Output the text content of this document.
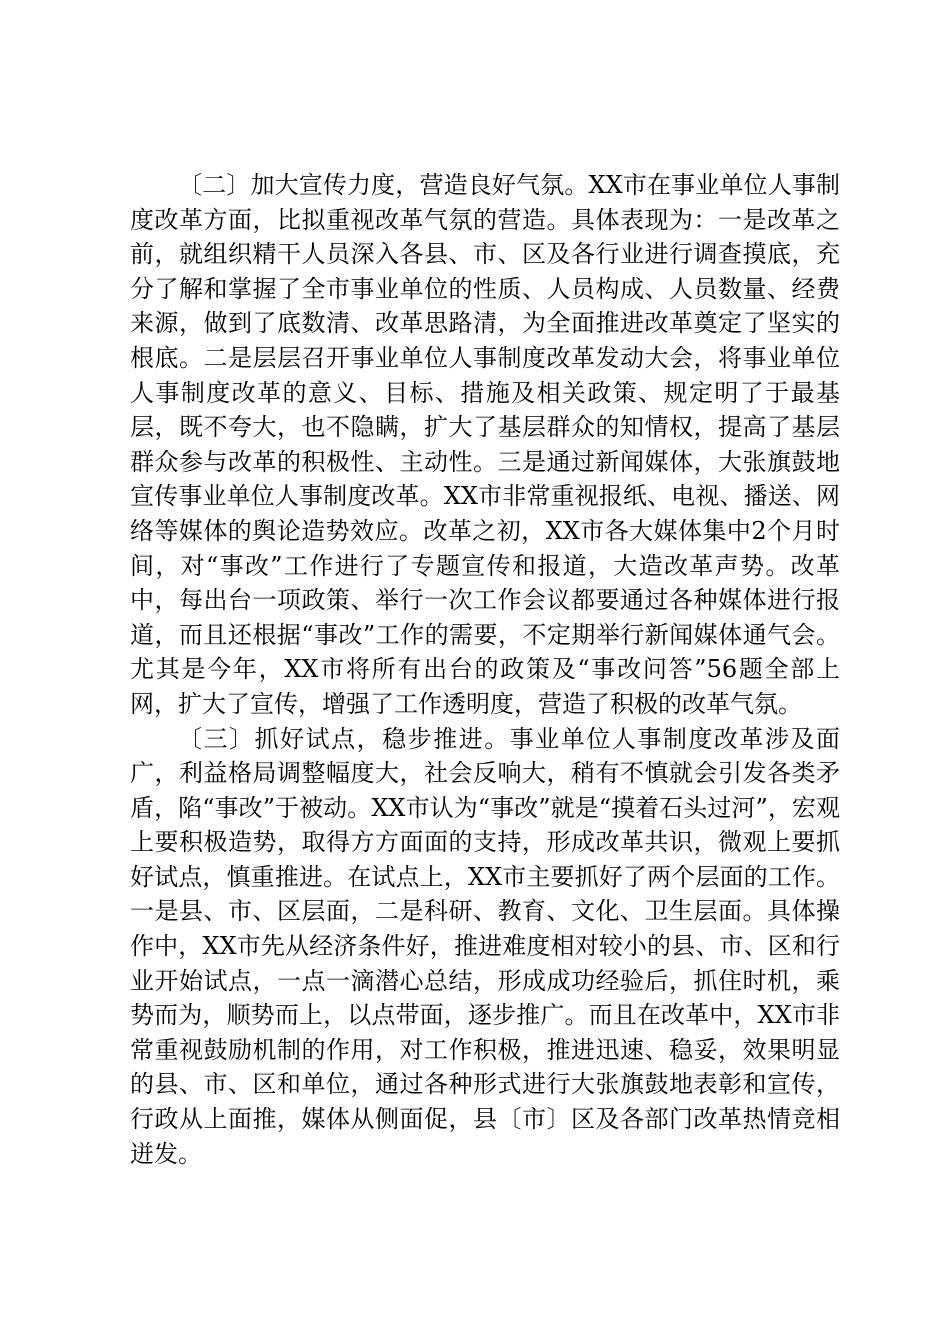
〔二〕加大宣传力度，营造良好气氛。XX市在事业单位人事制度改革方面，比拟重视改革气氛的营造。具体表现为：一是改革之前，就组织精干人员深入各县、市、区及各行业进行调查摸底，充分了解和掌握了全市事业单位的性质、人员构成、人员数量、经费来源，做到了底数清、改革思路清，为全面推进改革奠定了坚实的根底。二是层层召开事业单位人事制度改革发动大会，将事业单位人事制度改革的意义、目标、措施及相关政策、规定明了于最基层，既不夸大，也不隐瞒，扩大了基层群众的知情权，提高了基层群众参与改革的积极性、主动性。三是通过新闻媒体，大张旗鼓地宣传事业单位人事制度改革。XX市非常重视报纸、电视、播送、网络等媒体的舆论造势效应。改革之初，XX市各大媒体集中2个月时间，对“事改”工作进行了专题宣传和报道，大造改革声势。改革中，每出台一项政策、举行一次工作会议都要通过各种媒体进行报道，而且还根据“事改”工作的需要，不定期举行新闻媒体通气会。尤其是今年，XX市将所有出台的政策及“事改问答”56题全部上网，扩大了宣传，增强了工作透明度，营造了积极的改革气氛。

〔三〕抓好试点，稳步推进。事业单位人事制度改革涉及面广，利益格局调整幅度大，社会反响大，稍有不慎就会引发各类矛盾，陷“事改”于被动。XX市认为“事改”就是“摸着石头过河”，宏观上要积极造势，取得方方面面的支持，形成改革共识，微观上要抓好试点，慎重推进。在试点上，XX市主要抓好了两个层面的工作。一是县、市、区层面，二是科研、教育、文化、卫生层面。具体操作中，XX市先从经济条件好，推进难度相对较小的县、市、区和行业开始试点，一点一滴潜心总结，形成成功经验后，抓住时机，乘势而为，顺势而上，以点带面，逐步推广。而且在改革中，XX市非常重视鼓励机制的作用，对工作积极，推进迅速、稳妥，效果明显的县、市、区和单位，通过各种形式进行大张旗鼓地表彰和宣传，行政从上面推，媒体从侧面促，县〔市〕区及各部门改革热情竞相迸发。
